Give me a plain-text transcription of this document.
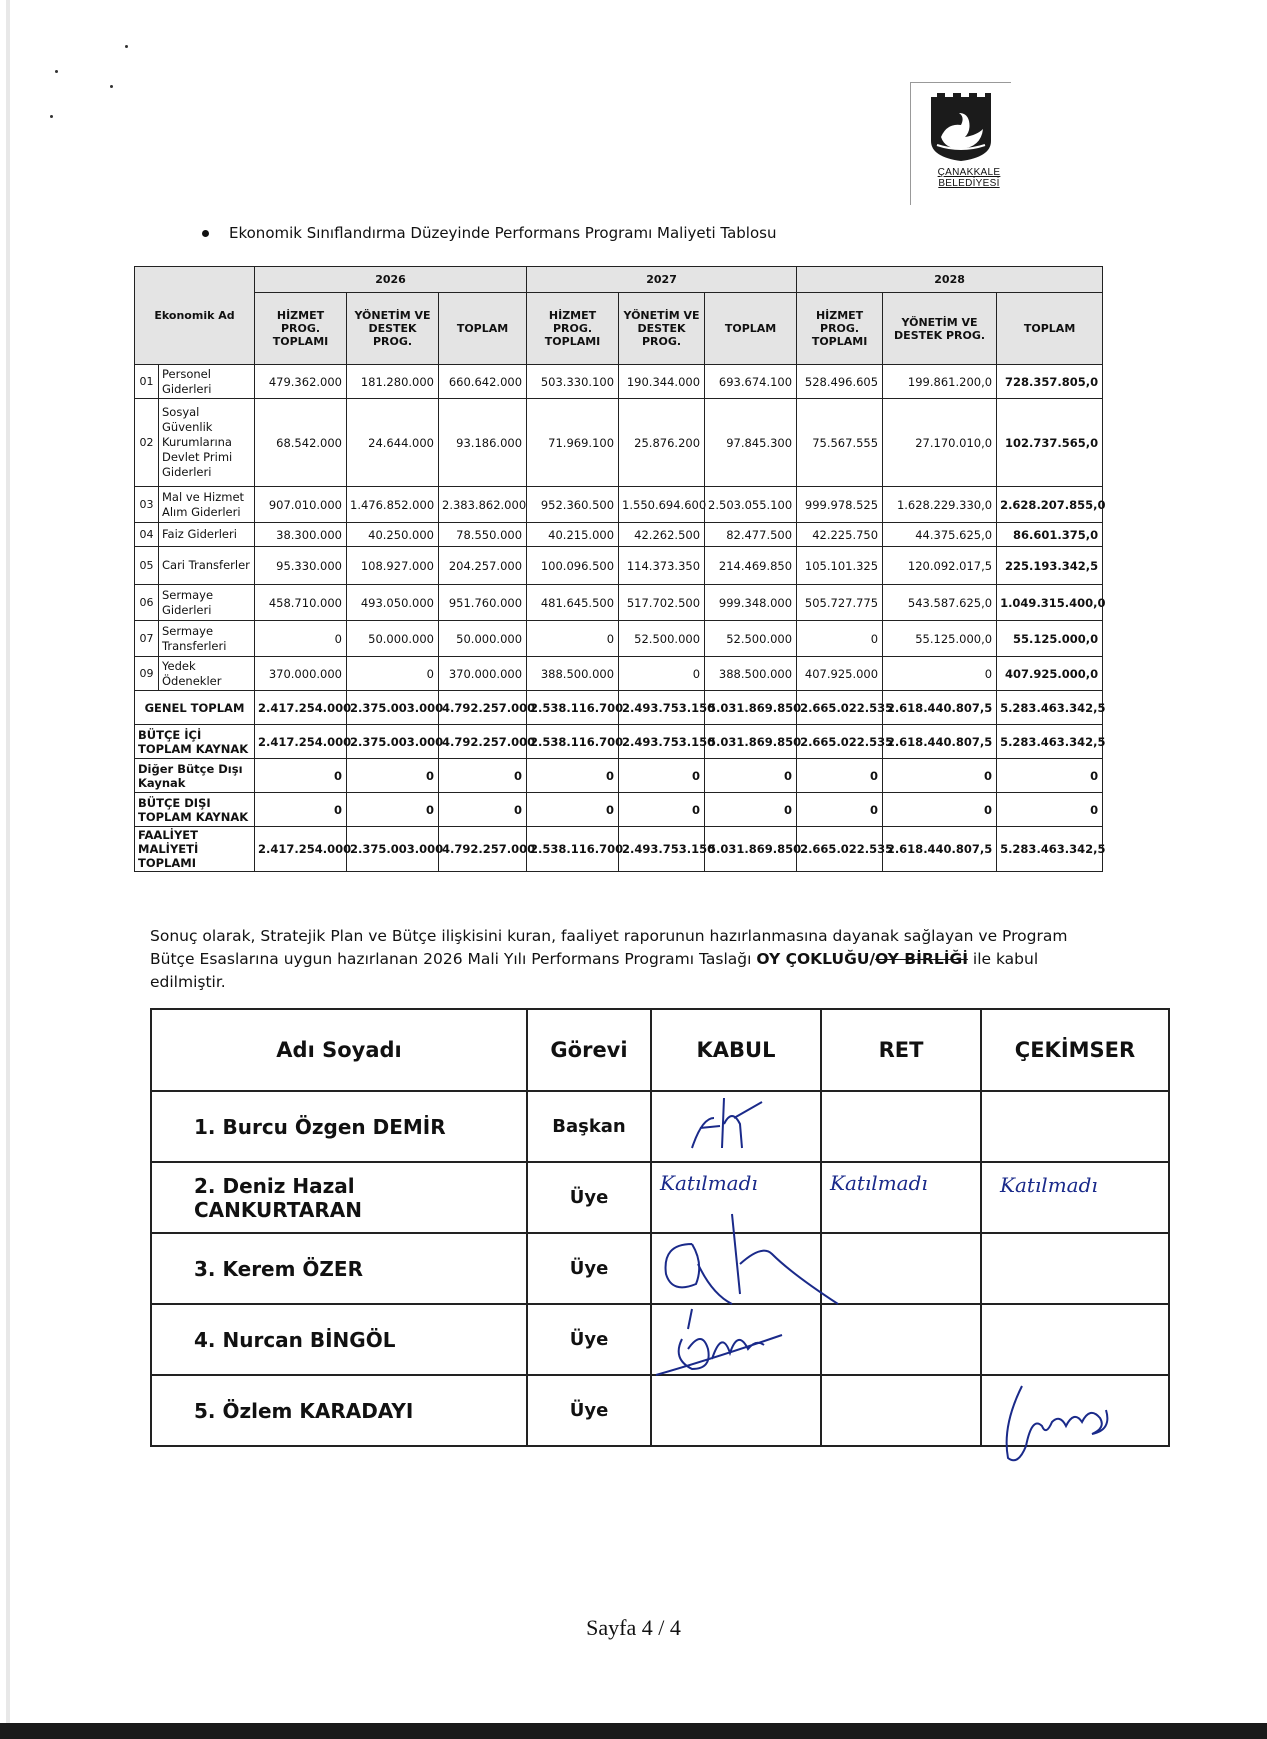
ÇANAKKALE
BELEDİYESİ
Ekonomik Sınıflandırma Düzeyinde Performans Programı Maliyeti Tablosu
Ekonomik Ad		2026			2027			2028		
		HİZMET PROG. TOPLAMI	YÖNETİM VE DESTEK PROG.	TOPLAM	HİZMET PROG. TOPLAMI	YÖNETİM VE DESTEK PROG.	TOPLAM	HİZMET PROG. TOPLAMI	YÖNETİM VE DESTEK PROG.	TOPLAM
01	Personel Giderleri	479.362.000	181.280.000	660.642.000	503.330.100	190.344.000	693.674.100	528.496.605	199.861.200,0	728.357.805,0
02	Sosyal Güvenlik Kurumlarına Devlet Primi Giderleri	68.542.000	24.644.000	93.186.000	71.969.100	25.876.200	97.845.300	75.567.555	27.170.010,0	102.737.565,0
03	Mal ve Hizmet Alım Giderleri	907.010.000	1.476.852.000	2.383.862.000	952.360.500	1.550.694.600	2.503.055.100	999.978.525	1.628.229.330,0	2.628.207.855,0
04	Faiz Giderleri	38.300.000	40.250.000	78.550.000	40.215.000	42.262.500	82.477.500	42.225.750	44.375.625,0	86.601.375,0
05	Cari Transferler	95.330.000	108.927.000	204.257.000	100.096.500	114.373.350	214.469.850	105.101.325	120.092.017,5	225.193.342,5
06	Sermaye Giderleri	458.710.000	493.050.000	951.760.000	481.645.500	517.702.500	999.348.000	505.727.775	543.587.625,0	1.049.315.400,0
07	Sermaye Transferleri	0	50.000.000	50.000.000	0	52.500.000	52.500.000	0	55.125.000,0	55.125.000,0
09	Yedek Ödenekler	370.000.000	0	370.000.000	388.500.000	0	388.500.000	407.925.000	0	407.925.000,0
GENEL TOPLAM		2.417.254.000	2.375.003.000	4.792.257.000	2.538.116.700	2.493.753.150	5.031.869.850	2.665.022.535	2.618.440.807,5	5.283.463.342,5
BÜTÇE İÇİ TOPLAM KAYNAK		2.417.254.000	2.375.003.000	4.792.257.000	2.538.116.700	2.493.753.150	5.031.869.850	2.665.022.535	2.618.440.807,5	5.283.463.342,5
Diğer Bütçe Dışı Kaynak		0	0	0	0	0	0	0	0	0
BÜTÇE DIŞI TOPLAM KAYNAK		0	0	0	0	0	0	0	0	0
FAALİYET MALİYETİ TOPLAMI		2.417.254.000	2.375.003.000	4.792.257.000	2.538.116.700	2.493.753.150	5.031.869.850	2.665.022.535	2.618.440.807,5	5.283.463.342,5
Sonuç olarak, Stratejik Plan ve Bütçe ilişkisini kuran, faaliyet raporunun hazırlanmasına dayanak sağlayan ve Program Bütçe Esaslarına uygun hazırlanan 2026 Mali Yılı Performans Programı Taslağı OY ÇOKLUĞU/OY BİRLİĞİ ile kabul edilmiştir.
Adı Soyadı	Görevi	KABUL	RET	ÇEKİMSER
1. Burcu Özgen DEMİR	Başkan	

2. Deniz Hazal CANKURTARAN	Üye	Katılmadı	Katılmadı	Katılmadı

3. Kerem ÖZER	Üye	

4. Nurcan BİNGÖL	Üye	

5. Özlem KARADAYI	Üye			
Sayfa 4 / 4
